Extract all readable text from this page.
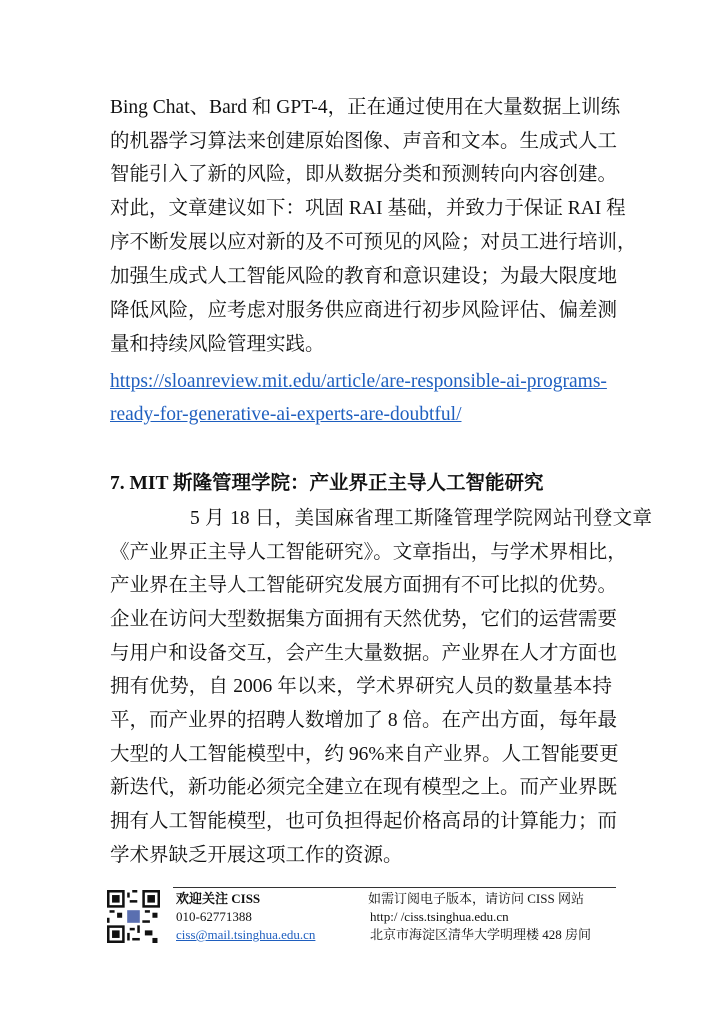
Bing Chat、Bard 和 GPT-4，正在通过使用在大量数据上训练
的机器学习算法来创建原始图像、声音和文本。生成式人工
智能引入了新的风险，即从数据分类和预测转向内容创建。
对此，文章建议如下：巩固 RAI 基础，并致力于保证 RAI 程
序不断发展以应对新的及不可预见的风险；对员工进行培训，
加强生成式人工智能风险的教育和意识建设；为最大限度地
降低风险，应考虑对服务供应商进行初步风险评估、偏差测
量和持续风险管理实践。
https://sloanreview.mit.edu/article/are-responsible-ai-programs-
ready-for-generative-ai-experts-are-doubtful/
7. MIT 斯隆管理学院：产业界正主导人工智能研究
5 月 18 日，美国麻省理工斯隆管理学院网站刊登文章
《产业界正主导人工智能研究》。文章指出，与学术界相比，
产业界在主导人工智能研究发展方面拥有不可比拟的优势。
企业在访问大型数据集方面拥有天然优势，它们的运营需要
与用户和设备交互，会产生大量数据。产业界在人才方面也
拥有优势，自 2006 年以来，学术界研究人员的数量基本持
平，而产业界的招聘人数增加了 8 倍。在产出方面，每年最
大型的人工智能模型中，约 96%来自产业界。人工智能要更
新迭代，新功能必须完全建立在现有模型之上。而产业界既
拥有人工智能模型，也可负担得起价格高昂的计算能力；而
学术界缺乏开展这项工作的资源。
欢迎关注 CISS
010-62771388
ciss@mail.tsinghua.edu.cn
如需订阅电子版本，请访问 CISS 网站
http:/ /ciss.tsinghua.edu.cn
北京市海淀区清华大学明理楼 428 房间
